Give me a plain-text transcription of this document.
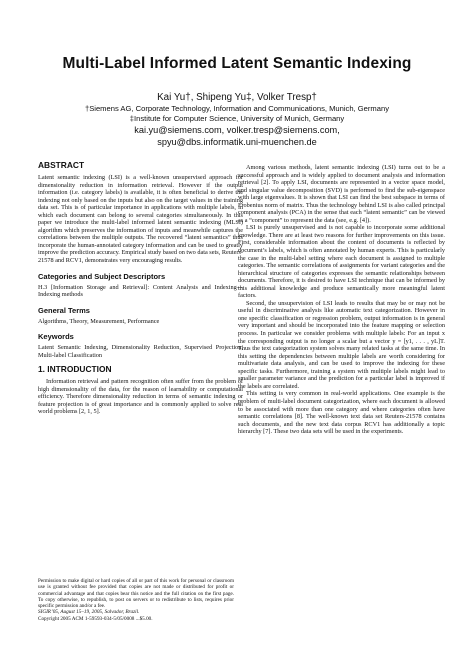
Multi-Label Informed Latent Semantic Indexing
Kai Yu†, Shipeng Yu‡, Volker Tresp†
†Siemens AG, Corporate Technology, Information and Communications, Munich, Germany
‡Institute for Computer Science, University of Munich, Germany
kai.yu@siemens.com, volker.tresp@siemens.com,
spyu@dbs.informatik.uni-muenchen.de
ABSTRACT

Latent semantic indexing (LSI) is a well-known unsupervised approach for dimensionality reduction in information retrieval. However if the output information (i.e. category labels) is available, it is often beneficial to derive the indexing not only based on the inputs but also on the target values in the training data set. This is of particular importance in applications with multiple labels, in which each document can belong to several categories simultaneously. In this paper we introduce the multi-label informed latent semantic indexing (MLSI) algorithm which preserves the information of inputs and meanwhile captures the correlations between the multiple outputs. The recovered “latent semantics” thus incorporate the human-annotated category information and can be used to greatly improve the prediction accuracy. Empirical study based on two data sets, Reuters-21578 and RCV1, demonstrates very encouraging results.

Categories and Subject Descriptors

H.3 [Information Storage and Retrieval]: Content Analysis and Indexing—Indexing methods

General Terms

Algorithms, Theory, Measurement, Performance

Keywords

Latent Semantic Indexing, Dimensionality Reduction, Supervised Projection, Multi-label Classification

1. INTRODUCTION

Information retrieval and pattern recognition often suffer from the problem of high dimensionality of the data, for the reason of learnability or computational efficiency. Therefore dimensionality reduction in terms of semantic indexing or feature projection is of great importance and is commonly applied to solve real world problems [2, 1, 5].

Permission to make digital or hard copies of all or part of this work for personal or classroom use is granted without fee provided that copies are not made or distributed for profit or commercial advantage and that copies bear this notice and the full citation on the first page. To copy otherwise, to republish, to post on servers or to redistribute to lists, requires prior specific permission and/or a fee.

SIGIR’05, August 15–19, 2005, Salvador, Brazil.

Copyright 2005 ACM 1-59593-034-5/05/0008 ...$5.00.

Among various methods, latent semantic indexing (LSI) turns out to be a successful approach and is widely applied to document analysis and information retrieval [2]. To apply LSI, documents are represented in a vector space model, and singular value decomposition (SVD) is performed to find the sub-eigenspace with large eigenvalues. It is shown that LSI can find the best subspace in terms of Frobenius norm of matrix. Thus the technology behind LSI is also called principal component analysis (PCA) in the sense that each “latent semantic” can be viewed as a “component” to represent the data (see, e.g. [4]).

LSI is purely unsupervised and is not capable to incorporate some additional knowledge. There are at least two reasons for further improvements on this issue. First, considerable information about the content of documents is reflected by document’s labels, which is often annotated by human experts. This is particularly the case in the multi-label setting where each document is assigned to multiple categories. The semantic correlations of assignments for variant categories and the hierarchical structure of categories expresses the semantic relationships between documents. Therefore, it is desired to have LSI technique that can be informed by this additional knowledge and produce semantically more meaningful latent factors.

Second, the unsupervision of LSI leads to results that may be or may not be useful in discriminative analysis like automatic text categorization. However in one specific classification or regression problem, output information is in general very important and should be incorporated into the feature mapping or selection process. In particular we consider problems with multiple labels: For an input x the corresponding output is no longer a scalar but a vector y = [y1, . . . , yL]T. Thus the text categorization system solves many related tasks at the same time. In this setting the dependencies between multiple labels are worth considering for multivariate data analysis, and can be used to improve the indexing for these specific tasks. Furthermore, training a system with multiple labels might lead to smaller parameter variance and the prediction for a particular label is improved if the labels are correlated.

This setting is very common in real-world applications. One example is the problem of multi-label document categorization, where each document is allowed to be associated with more than one category and where categories often have semantic correlations [8]. The well-known text data set Reuters-21578 contains such documents, and the new text data corpus RCV1 has additionally a topic hierarchy [7]. These two data sets will be used in the experiments.
